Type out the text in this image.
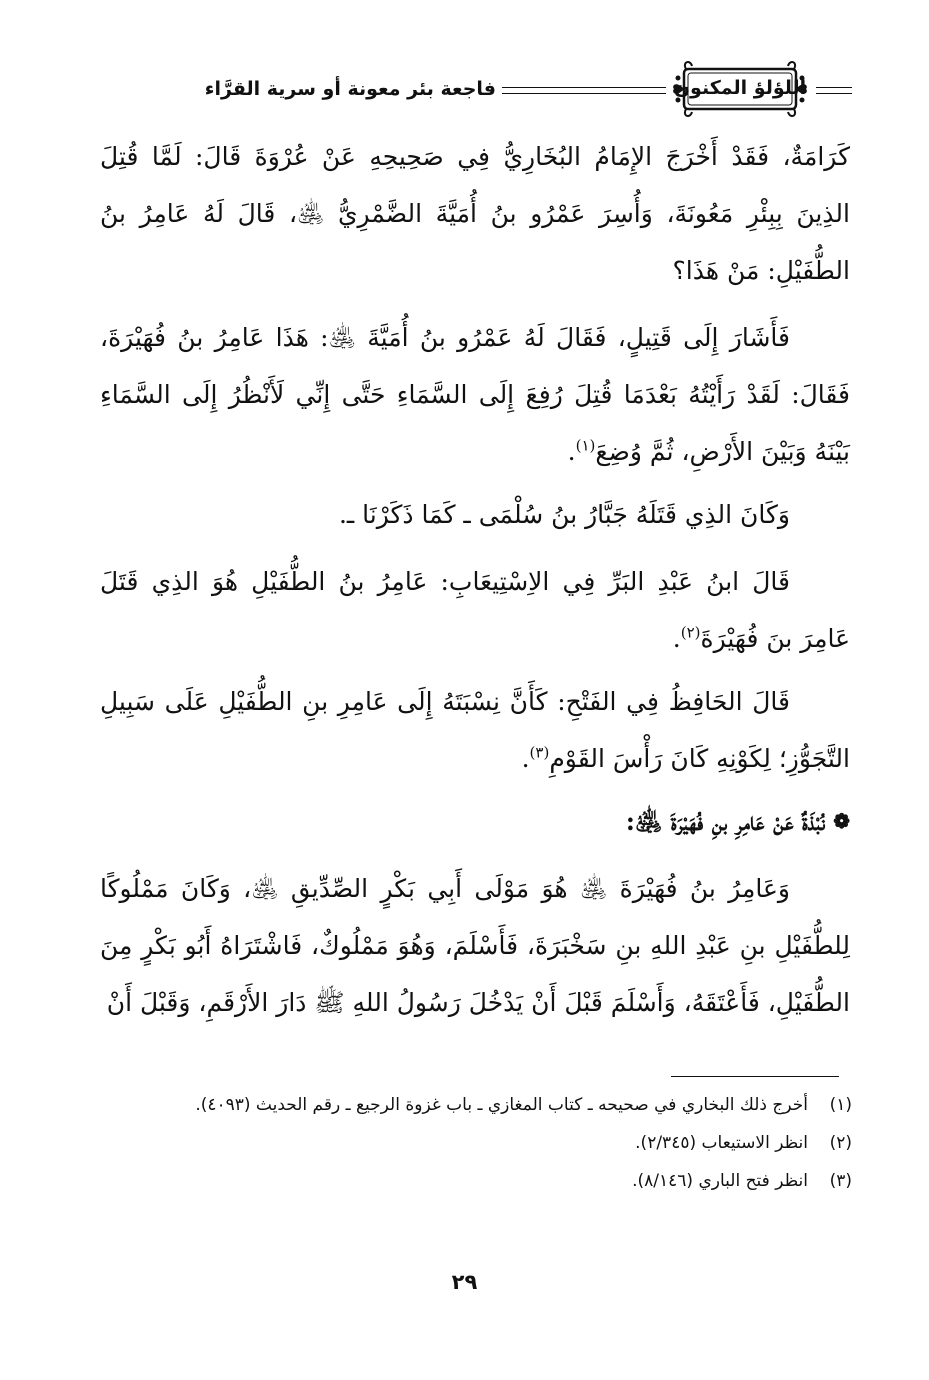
اللؤلؤ المكنون
فاجعة بئر معونة أو سرية القرَّاء

كَرَامَةٌ، فَقَدْ أَخْرَجَ الإِمَامُ البُخَارِيُّ فِي صَحِيحِهِ عَنْ عُرْوَةَ قَالَ: لَمَّا قُتِلَ الذِينَ بِبِئْرِ مَعُونَةَ، وَأُسِرَ عَمْرُو بنُ أُمَيَّةَ الضَّمْرِيُّ ﵁، قَالَ لَهُ عَامِرُ بنُ الطُّفَيْلِ: مَنْ هَذَا؟

فَأَشَارَ إِلَى قَتِيلٍ، فَقَالَ لَهُ عَمْرُو بنُ أُمَيَّةَ ﵁: هَذَا عَامِرُ بنُ فُهَيْرَةَ، فَقَالَ: لَقَدْ رَأَيْتُهُ بَعْدَمَا قُتِلَ رُفِعَ إِلَى السَّمَاءِ حَتَّى إِنِّي لَأَنْظُرُ إِلَى السَّمَاءِ بَيْنَهُ وَبَيْنَ الأَرْضِ، ثُمَّ وُضِعَ$^{(١)}$.

وَكَانَ الذِي قَتَلَهُ جَبَّارُ بنُ سُلْمَى ـ كَمَا ذَكَرْنَا ـ.

قَالَ ابنُ عَبْدِ البَرِّ فِي الاِسْتِيعَابِ: عَامِرُ بنُ الطُّفَيْلِ هُوَ الذِي قَتَلَ عَامِرَ بنَ فُهَيْرَةَ$^{(٢)}$.

قَالَ الحَافِظُ فِي الفَتْحِ: كَأَنَّ نِسْبَتَهُ إِلَى عَامِرِ بنِ الطُّفَيْلِ عَلَى سَبِيلِ التَّجَوُّزِ؛ لِكَوْنِهِ كَانَ رَأْسَ القَوْمِ$^{(٣)}$.

❁نُبْذَةٌ عَنْ عَامِرِ بنِ فُهَيْرَةَ ﵁:

وَعَامِرُ بنُ فُهَيْرَةَ ﵁ هُوَ مَوْلَى أَبِي بَكْرٍ الصِّدِّيقِ ﵁، وَكَانَ مَمْلُوكًا لِلطُّفَيْلِ بنِ عَبْدِ اللهِ بنِ سَخْبَرَةَ، فَأَسْلَمَ، وَهُوَ مَمْلُوكٌ، فَاشْتَرَاهُ أَبُو بَكْرٍ مِنَ الطُّفَيْلِ، فَأَعْتَقَهُ، وَأَسْلَمَ قَبْلَ أَنْ يَدْخُلَ رَسُولُ اللهِ ﷺ دَارَ الأَرْقَمِ، وَقَبْلَ أَنْ

(١)
أخرج ذلك البخاري في صحيحه ـ كتاب المغازي ـ باب غزوة الرجيع ـ رقم الحديث (٤٠٩٣).
(٢)
انظر الاستيعاب (٢/٣٤٥).
(٣)
انظر فتح الباري (٨/١٤٦).
٢٩
